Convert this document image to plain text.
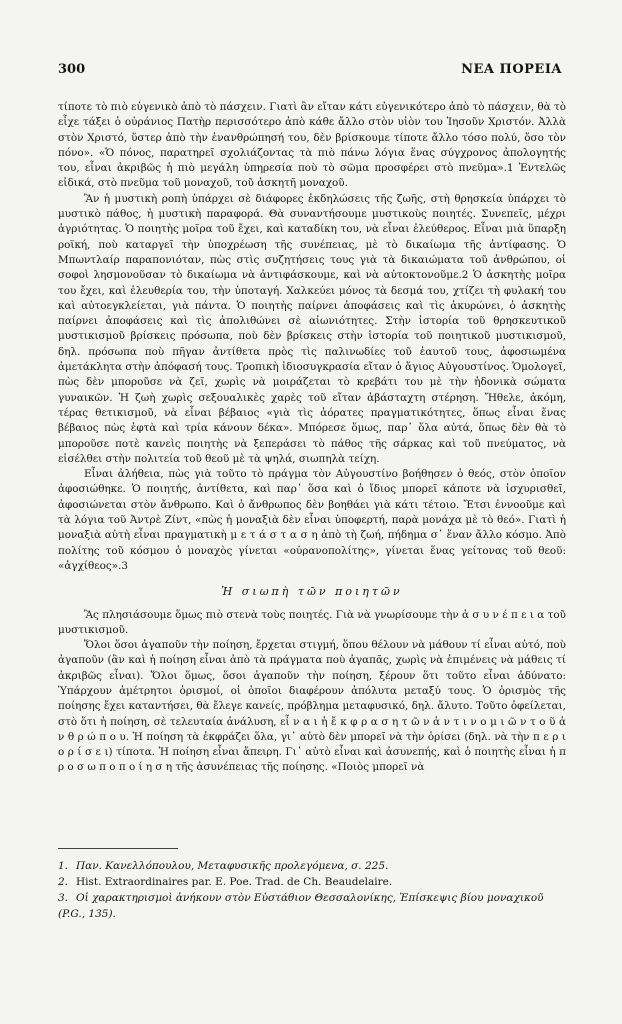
300	ΝΕΑ ΠΟΡΕΙΑ

τίποτε τὸ πιὸ εὐγενικὸ ἀπὸ τὸ πάσχειν. Γιατὶ ἂν εἴταν κάτι εὐγενικότερο ἀπὸ τὸ πάσχειν, θὰ τὸ εἶχε τάξει ὁ οὐράνιος Πατὴρ περισσότερο ἀπὸ κάθε ἄλλο στὸν υἱὸν του Ἰησοῦν Χριστόν. Ἀλλὰ στὸν Χριστό, ὕστερ ἀπὸ τὴν ἐνανθρώπησή του, δὲν βρίσκουμε τίποτε ἄλλο τόσο πολύ, ὅσο τὸν πόνο». «Ὁ πόνος, παρατηρεῖ σχολιάζοντας τὰ πιὸ πάνω λόγια ἕνας σύγχρονος ἀπολογητής του, εἶναι ἀκριβῶς ἡ πιὸ μεγάλη ὑπηρεσία ποὺ τὸ σῶμα προσφέρει στὸ πνεῦμα».1 Ἐντελῶς εἰδικά, στὸ πνεῦμα τοῦ μοναχοῦ, τοῦ ἀσκητῆ μοναχοῦ.

Ἂν ἡ μυστικὴ ροπὴ ὑπάρχει σὲ διάφορες ἐκδηλώσεις τῆς ζωῆς, στὴ θρησκεία ὑπάρχει τὸ μυστικὸ πάθος, ἡ μυστικὴ παραφορά. Θὰ συναντήσουμε μυστικοὺς ποιητές. Συνεπεῖς, μέχρι ἀγριότητας. Ὁ ποιητὴς μοῖρα τοῦ ἔχει, καὶ καταδίκη του, νὰ εἶναι ἐλεύθερος. Εἶναι μιὰ ὕπαρξη ροϊκή, ποὺ καταργεῖ τὴν ὑποχρέωση τῆς συνέπειας, μὲ τὸ δικαίωμα τῆς ἀντίφασης. Ὁ Μπωντλαίρ παραπονιόταν, πὼς στὶς συζητήσεις τους γιὰ τὰ δικαιώματα τοῦ ἀνθρώπου, οἱ σοφοὶ λησμονοῦσαν τὸ δικαίωμα νὰ ἀντιφάσκουμε, καὶ νὰ αὐτοκτονοῦμε.2 Ὁ ἀσκητὴς μοῖρα του ἔχει, καὶ ἐλευθερία του, τὴν ὑποταγή. Χαλκεύει μόνος τὰ δεσμά του, χτίζει τὴ φυλακή του καὶ αὐτοεγκλείεται, γιὰ πάντα. Ὁ ποιητὴς παίρνει ἀποφάσεις καὶ τὶς ἀκυρώνει, ὁ ἀσκητὴς παίρνει ἀποφάσεις καὶ τὶς ἀπολιθώνει σὲ αἰωνιότητες. Στὴν ἱστορία τοῦ θρησκευτικοῦ μυστικισμοῦ βρίσκεις πρόσωπα, ποὺ δὲν βρίσκεις στὴν ἱστορία τοῦ ποιητικοῦ μυστικισμοῦ, δηλ. πρόσωπα ποὺ πῆγαν ἀντίθετα πρὸς τὶς παλινωδίες τοῦ ἑαυτοῦ τους, ἀφοσιωμένα ἀμετάκλητα στὴν ἀπόφασή τους. Τροπικὴ ἰδιοσυγκρασία εἴταν ὁ ἅγιος Αὐγουστίνος. Ὁμολογεῖ, πὼς δὲν μποροῦσε νὰ ζεῖ, χωρὶς νὰ μοιράζεται τὸ κρεβάτι του μὲ τὴν ἡδονικὰ σώματα γυναικῶν. Ἡ ζωὴ χωρὶς σεξουαλικὲς χαρὲς τοῦ εἴταν ἀβάσταχτη στέρηση. Ἤθελε, ἀκόμη, τέρας θετικισμοῦ, νὰ εἶναι βέβαιος «γιὰ τὶς ἀόρατες πραγματικότητες, ὅπως εἶναι ἕνας βέβαιος πὼς ἑφτὰ καὶ τρία κάνουν δέκα». Μπόρεσε ὅμως, παρ᾽ ὅλα αὐτά, ὅπως δὲν θὰ τὸ μποροῦσε ποτὲ κανεὶς ποιητὴς νὰ ξεπεράσει τὸ πάθος τῆς σάρκας καὶ τοῦ πνεύματος, νὰ εἰσέλθει στὴν πολιτεία τοῦ θεοῦ μὲ τὰ ψηλά, σιωπηλὰ τείχη.

Εἶναι ἀλήθεια, πὼς γιὰ τοῦτο τὸ πράγμα τὸν Αὐγουστίνο βοήθησεν ὁ θεός, στὸν ὁποῖον ἀφοσιώθηκε. Ὁ ποιητής, ἀντίθετα, καὶ παρ᾽ ὅσα καὶ ὁ ἴδιος μπορεῖ κάποτε νὰ ἰσχυρισθεῖ, ἀφοσιώνεται στὸν ἄνθρωπο. Καὶ ὁ ἄνθρωπος δὲν βοηθάει γιὰ κάτι τέτοιο. Ἔτσι ἐννοοῦμε καὶ τὰ λόγια τοῦ Ἀντρὲ Ζίντ, «πὼς ἡ μοναξιὰ δὲν εἶναι ὑποφερτή, παρὰ μονάχα μὲ τὸ θεό». Γιατὶ ἡ μοναξιὰ αὐτὴ εἶναι πραγματικὴ μ ε τ ά σ τ α σ η ἀπὸ τὴ ζωή, πήδημα σ᾽ ἕναν ἄλλο κόσμο. Ἀπὸ πολίτης τοῦ κόσμου ὁ μοναχὸς γίνεται «οὐρανοπολίτης», γίνεται ἕνας γείτονας τοῦ θεοῦ: «ἀγχίθεος».3

Ἡ σιωπὴ τῶν ποιητῶν

Ἂς πλησιάσουμε ὅμως πιὸ στενὰ τοὺς ποιητές. Γιὰ νὰ γνωρίσουμε τὴν ἀ σ υ ν έ π ε ι α τοῦ μυστικισμοῦ.

Ὅλοι ὅσοι ἀγαποῦν τὴν ποίηση, ἔρχεται στιγμή, ὅπου θέλουν νὰ μάθουν τί εἶναι αὐτό, ποὺ ἀγαποῦν (ἂν καὶ ἡ ποίηση εἶναι ἀπὸ τὰ πράγματα ποὺ ἀγαπᾶς, χωρὶς νὰ ἐπιμένεις νὰ μάθεις τί ἀκριβῶς εἶναι). Ὅλοι ὅμως, ὅσοι ἀγαποῦν τὴν ποίηση, ξέρουν ὅτι τοῦτο εἶναι ἀδύνατο: Ὑπάρχουν ἀμέτρητοι ὁρισμοί, οἱ ὁποῖοι διαφέρουν ἀπόλυτα μεταξύ τους. Ὁ ὁρισμὸς τῆς ποίησης ἔχει καταντήσει, θὰ ἔλεγε κανείς, πρόβλημα μεταφυσικό, δηλ. ἄλυτο. Τοῦτο ὀφείλεται, στὸ ὅτι ἡ ποίηση, σὲ τελευταία ἀνάλυση, εἶ ν α ι ἡ ἔ κ φ ρ α σ η τ ῶ ν ἀ ν τ ι ν ο μ ι ῶ ν τ ο ῦ ἀ ν θ ρ ώ π ο υ. Ἡ ποίηση τὰ ἐκφράζει ὅλα, γι᾽ αὐτὸ δὲν μπορεῖ νὰ τὴν ὁρίσει (δηλ. νὰ τὴν π ε ρ ι ο ρ ί σ ε ι) τίποτα. Ἡ ποίηση εἶναι ἄπειρη. Γι᾽ αὐτὸ εἶναι καὶ ἀσυνεπής, καὶ ὁ ποιητὴς εἶναι ἡ π ρ ο σ ω π ο π ο ί η σ η τῆς ἀσυνέπειας τῆς ποίησης. «Ποιὸς μπορεῖ νὰ

1. Παν. Κανελλόπουλου, Μεταφυσικῆς προλεγόμενα, σ. 225.

2. Hist. Extraordinaires par. E. Poe. Trad. de Ch. Beaudelaire.

3. Οἱ χαρακτηρισμοὶ ἀνήκουν στὸν Εὐστάθιον Θεσσαλονίκης, Ἐπίσκεψις βίου μοναχικοῦ (P.G., 135).
